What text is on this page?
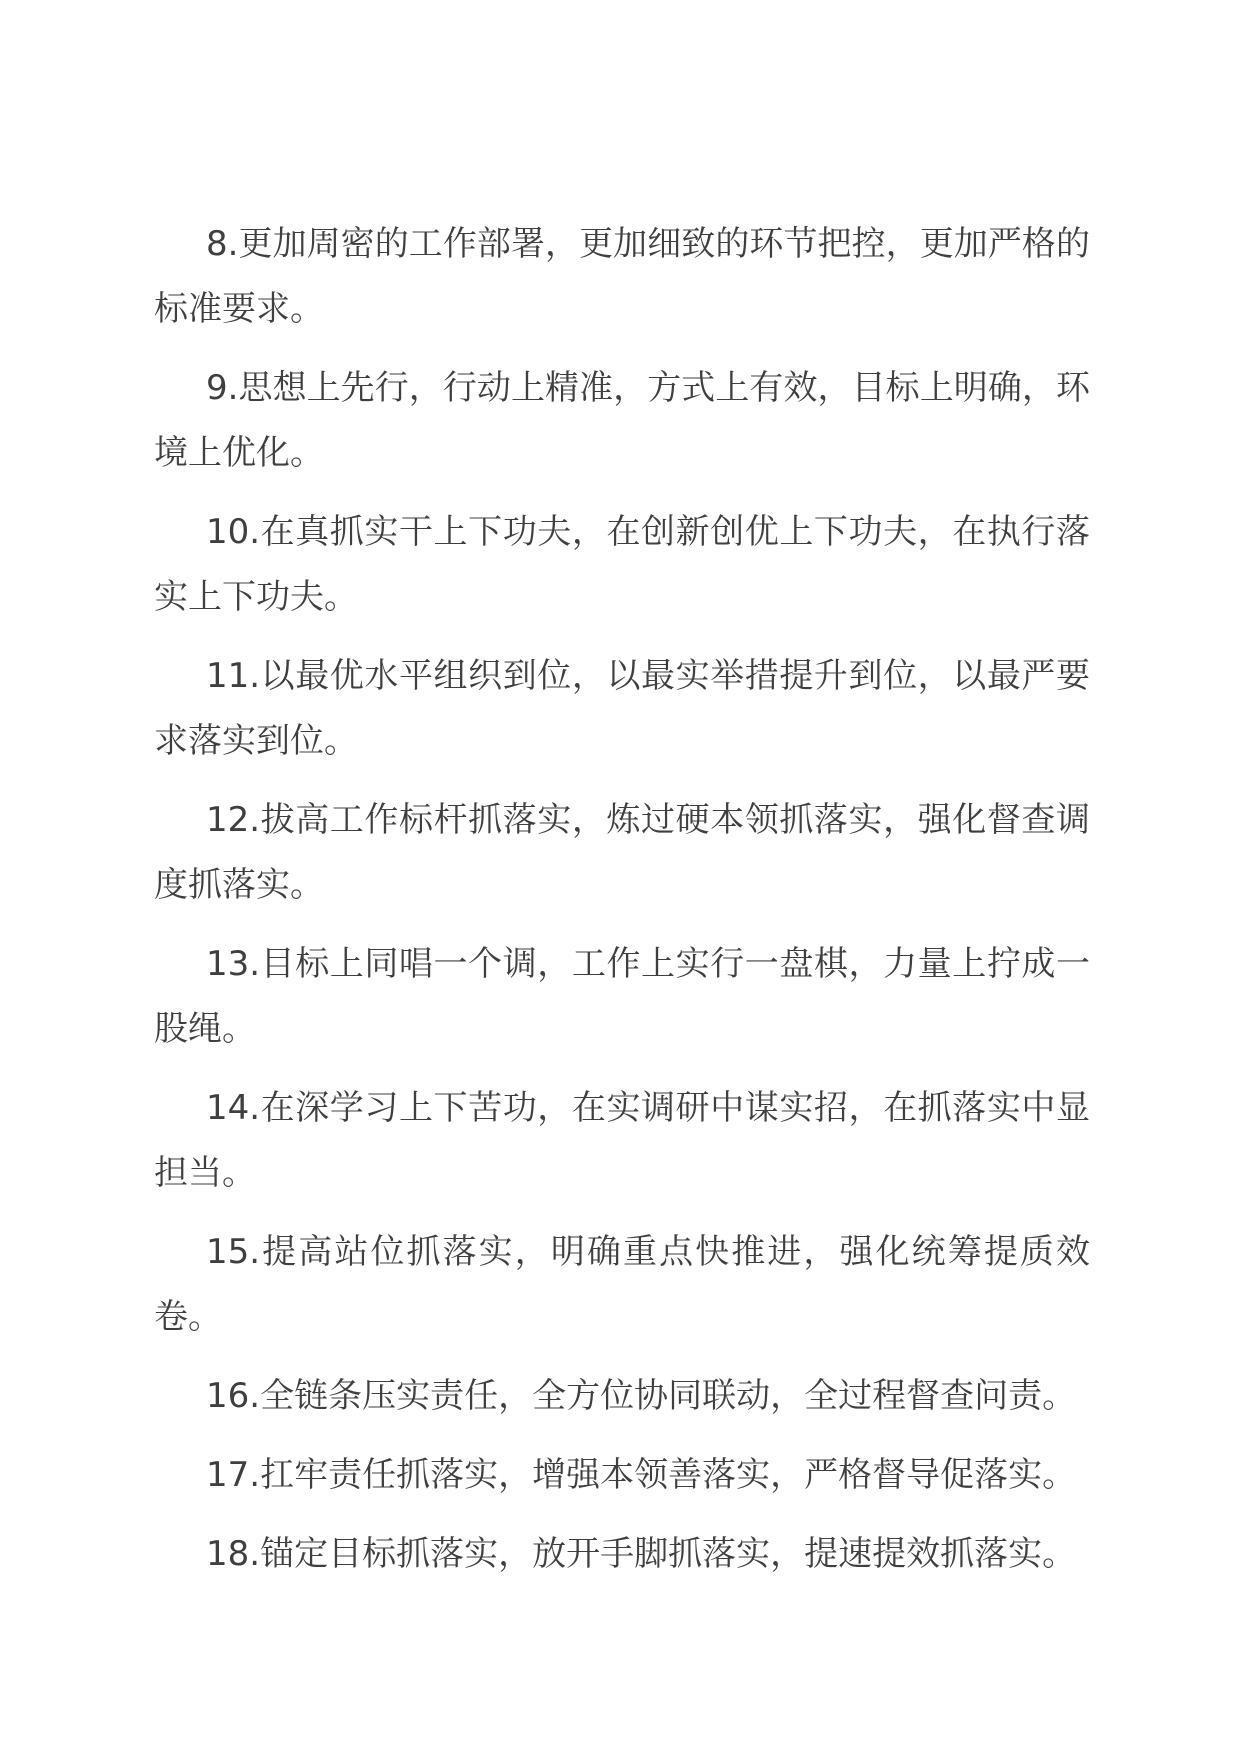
8.更加周密的工作部署，更加细致的环节把控，更加严格的标准要求。

9.思想上先行，行动上精准，方式上有效，目标上明确，环境上优化。

10.在真抓实干上下功夫，在创新创优上下功夫，在执行落实上下功夫。

11.以最优水平组织到位，以最实举措提升到位，以最严要求落实到位。

12.拔高工作标杆抓落实，炼过硬本领抓落实，强化督查调度抓落实。

13.目标上同唱一个调，工作上实行一盘棋，力量上拧成一股绳。

14.在深学习上下苦功，在实调研中谋实招，在抓落实中显担当。

15.提高站位抓落实，明确重点快推进，强化统筹提质效卷。

16.全链条压实责任，全方位协同联动，全过程督查问责。

17.扛牢责任抓落实，增强本领善落实，严格督导促落实。

18.锚定目标抓落实，放开手脚抓落实，提速提效抓落实。
